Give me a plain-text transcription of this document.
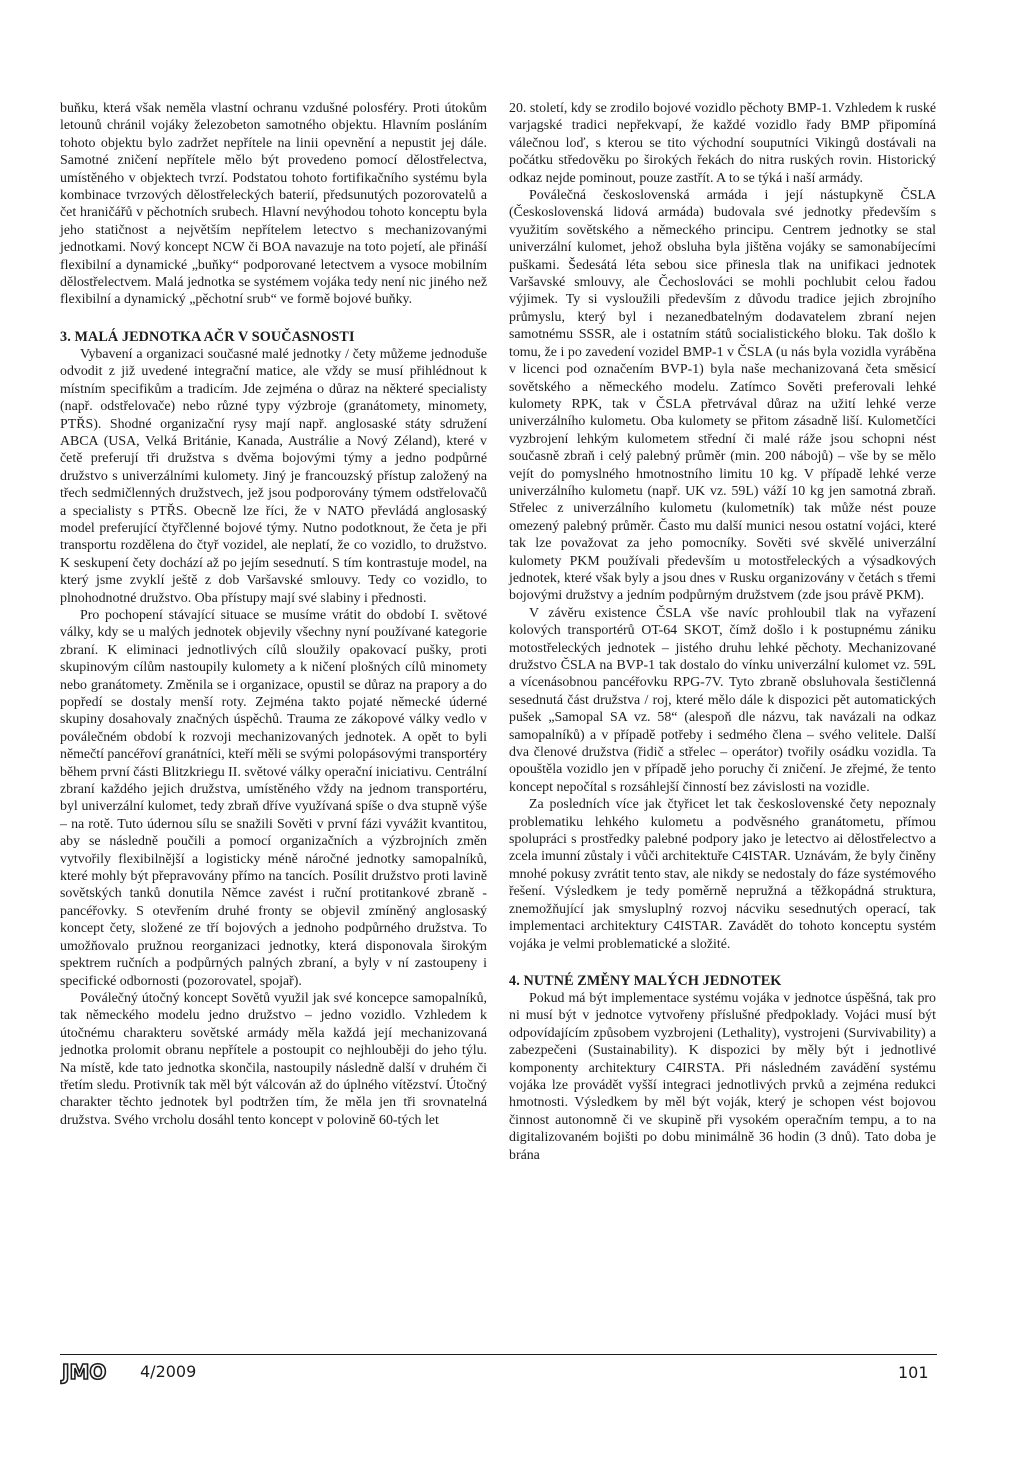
buňku, která však neměla vlastní ochranu vzdušné polosféry. Proti útokům letounů chránil vojáky železobeton samotného objektu. Hlavním posláním tohoto objektu bylo zadržet nepřítele na linii opevnění a nepustit jej dále. Samotné zničení nepřítele mělo být provedeno pomocí dělostřelectva, umístěného v objektech tvrzí. Podstatou tohoto fortifikačního systému byla kombinace tvrzových dělostřeleckých baterií, předsunutých pozorovatelů a čet hraničářů v pěchotních srubech. Hlavní nevýhodou tohoto konceptu byla jeho statičnost a největším nepřítelem letectvo s mechanizovanými jednotkami. Nový koncept NCW či BOA navazuje na toto pojetí, ale přináší flexibilní a dynamické „buňky“ podporované letectvem a vysoce mobilním dělostřelectvem. Malá jednotka se systémem vojáka tedy není nic jiného než flexibilní a dynamický „pěchotní srub“ ve formě bojové buňky.

3. MALÁ JEDNOTKA AČR V SOUČASNOSTI

Vybavení a organizaci současné malé jednotky / čety můžeme jednoduše odvodit z již uvedené integrační matice, ale vždy se musí přihlédnout k místním specifikům a tradicím. Jde zejména o důraz na některé specialisty (např. odstřelovače) nebo různé typy výzbroje (granátomety, minomety, PTŘS). Shodné organizační rysy mají např. anglosaské státy sdružení ABCA (USA, Velká Británie, Kanada, Austrálie a Nový Zéland), které v četě preferují tři družstva s dvěma bojovými týmy a jedno podpůrné družstvo s univerzálními kulomety. Jiný je francouzský přístup založený na třech sedmičlenných družstvech, jež jsou podporovány týmem odstřelovačů a specialisty s PTŘS. Obecně lze říci, že v NATO převládá anglosaský model preferující čtyřčlenné bojové týmy. Nutno podotknout, že četa je při transportu rozdělena do čtyř vozidel, ale neplatí, že co vozidlo, to družstvo. K seskupení čety dochází až po jejím sesednutí. S tím kontrastuje model, na který jsme zvyklí ještě z dob Varšavské smlouvy. Tedy co vozidlo, to plnohodnotné družstvo. Oba přístupy mají své slabiny i přednosti.

Pro pochopení stávající situace se musíme vrátit do období I. světové války, kdy se u malých jednotek objevily všechny nyní používané kategorie zbraní. K eliminaci jednotlivých cílů sloužily opakovací pušky, proti skupinovým cílům nastoupily kulomety a k ničení plošných cílů minomety nebo granátomety. Změnila se i organizace, opustil se důraz na prapory a do popředí se dostaly menší roty. Zejména takto pojaté německé úderné skupiny dosahovaly značných úspěchů. Trauma ze zákopové války vedlo v poválečném období k rozvoji mechanizovaných jednotek. A opět to byli němečtí pancéřoví granátníci, kteří měli se svými polopásovými transportéry během první části Blitzkriegu II. světové války operační iniciativu. Centrální zbraní každého jejich družstva, umístěného vždy na jednom transportéru, byl univerzální kulomet, tedy zbraň dříve využívaná spíše o dva stupně výše – na rotě. Tuto údernou sílu se snažili Sověti v první fázi vyvážit kvantitou, aby se následně poučili a pomocí organizačních a výzbrojních změn vytvořily flexibilnější a logisticky méně náročné jednotky samopalníků, které mohly být přepravovány přímo na tancích. Posílit družstvo proti lavině sovětských tanků donutila Němce zavést i ruční protitankové zbraně - pancéřovky. S otevřením druhé fronty se objevil zmíněný anglosaský koncept čety, složené ze tří bojových a jednoho podpůrného družstva. To umožňovalo pružnou reorganizaci jednotky, která disponovala širokým spektrem ručních a podpůrných palných zbraní, a byly v ní zastoupeny i specifické odbornosti (pozorovatel, spojař).

Poválečný útočný koncept Sovětů využil jak své koncepce samopalníků, tak německého modelu jedno družstvo – jedno vozidlo. Vzhledem k útočnému charakteru sovětské armády měla každá její mechanizovaná jednotka prolomit obranu nepřítele a postoupit co nejhlouběji do jeho týlu. Na místě, kde tato jednotka skončila, nastoupily následně další v druhém či třetím sledu. Protivník tak měl být válcován až do úplného vítězství. Útočný charakter těchto jednotek byl podtržen tím, že měla jen tři srovnatelná družstva. Svého vrcholu dosáhl tento koncept v polovině 60-tých let

20. století, kdy se zrodilo bojové vozidlo pěchoty BMP-1. Vzhledem k ruské varjagské tradici nepřekvapí, že každé vozidlo řady BMP připomíná válečnou loď, s kterou se tito východní souputníci Vikingů dostávali na počátku středověku po širokých řekách do nitra ruských rovin. Historický odkaz nejde pominout, pouze zastřít. A to se týká i naší armády.

Poválečná československá armáda i její nástupkyně ČSLA (Československá lidová armáda) budovala své jednotky především s využitím sovětského a německého principu. Centrem jednotky se stal univerzální kulomet, jehož obsluha byla jištěna vojáky se samonabíjecími puškami. Šedesátá léta sebou sice přinesla tlak na unifikaci jednotek Varšavské smlouvy, ale Čechoslováci se mohli pochlubit celou řadou výjimek. Ty si vysloužili především z důvodu tradice jejich zbrojního průmyslu, který byl i nezanedbatelným dodavatelem zbraní nejen samotnému SSSR, ale i ostatním států socialistického bloku. Tak došlo k tomu, že i po zavedení vozidel BMP-1 v ČSLA (u nás byla vozidla vyráběna v licenci pod označením BVP-1) byla naše mechanizovaná četa směsicí sovětského a německého modelu. Zatímco Sověti preferovali lehké kulomety RPK, tak v ČSLA přetrvával důraz na užití lehké verze univerzálního kulometu. Oba kulomety se přitom zásadně liší. Kulometčíci vyzbrojení lehkým kulometem střední či malé ráže jsou schopni nést současně zbraň i celý palebný průměr (min. 200 nábojů) – vše by se mělo vejít do pomyslného hmotnostního limitu 10 kg. V případě lehké verze univerzálního kulometu (např. UK vz. 59L) váží 10 kg jen samotná zbraň. Střelec z univerzálního kulometu (kulometník) tak může nést pouze omezený palebný průměr. Často mu další munici nesou ostatní vojáci, které tak lze považovat za jeho pomocníky. Sověti své skvělé univerzální kulomety PKM používali především u motostřeleckých a výsadkových jednotek, které však byly a jsou dnes v Rusku organizovány v četách s třemi bojovými družstvy a jedním podpůrným družstvem (zde jsou právě PKM).

V závěru existence ČSLA vše navíc prohloubil tlak na vyřazení kolových transportérů OT-64 SKOT, čímž došlo i k postupnému zániku motostřeleckých jednotek – jistého druhu lehké pěchoty. Mechanizované družstvo ČSLA na BVP-1 tak dostalo do vínku univerzální kulomet vz. 59L a vícenásobnou pancéřovku RPG-7V. Tyto zbraně obsluhovala šestičlenná sesednutá část družstva / roj, které mělo dále k dispozici pět automatických pušek „Samopal SA vz. 58“ (alespoň dle názvu, tak navázali na odkaz samopalníků) a v případě potřeby i sedmého člena – svého velitele. Další dva členové družstva (řidič a střelec – operátor) tvořily osádku vozidla. Ta opouštěla vozidlo jen v případě jeho poruchy či zničení. Je zřejmé, že tento koncept nepočítal s rozsáhlejší činností bez závislosti na vozidle.

Za posledních více jak čtyřicet let tak československé čety nepoznaly problematiku lehkého kulometu a podvěsného granátometu, přímou spolupráci s prostředky palebné podpory jako je letectvo ai dělostřelectvo a zcela imunní zůstaly i vůči architektuře C4ISTAR. Uznávám, že byly činěny mnohé pokusy zvrátit tento stav, ale nikdy se nedostaly do fáze systémového řešení. Výsledkem je tedy poměrně nepružná a těžkopádná struktura, znemožňující jak smysluplný rozvoj nácviku sesednutých operací, tak implementaci architektury C4ISTAR. Zavádět do tohoto konceptu systém vojáka je velmi problematické a složité.

4. NUTNÉ ZMĚNY MALÝCH JEDNOTEK

Pokud má být implementace systému vojáka v jednotce úspěšná, tak pro ni musí být v jednotce vytvořeny příslušné předpoklady. Vojáci musí být odpovídajícím způsobem vyzbrojeni (Lethality), vystrojeni (Survivability) a zabezpečeni (Sustainability). K dispozici by měly být i jednotlivé komponenty architektury C4IRSTA. Při následném zavádění systému vojáka lze provádět vyšší integraci jednotlivých prvků a zejména redukci hmotnosti. Výsledkem by měl být voják, který je schopen vést bojovou činnost autonomně či ve skupině při vysokém operačním tempu, a to na digitalizovaném bojišti po dobu minimálně 36 hodin (3 dnů). Tato doba je brána

JMO 4/2009	101
